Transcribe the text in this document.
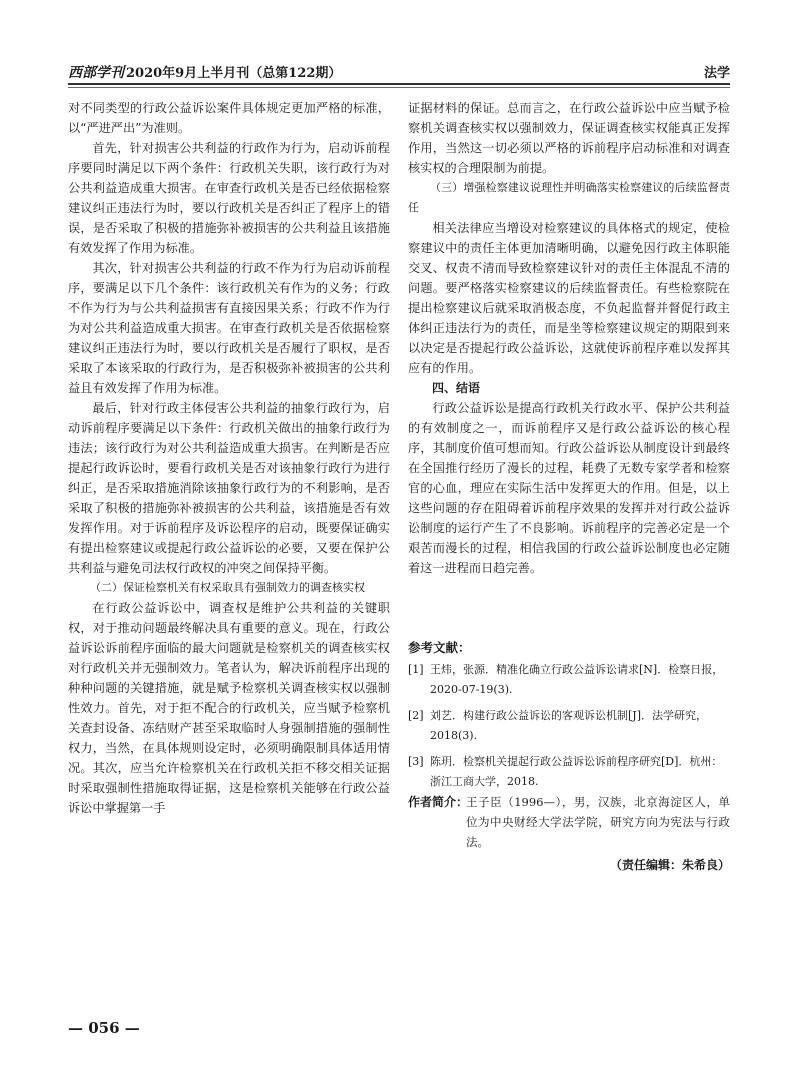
西部学刊 2020年9月上半月刊（总第122期）	法学

对不同类型的行政公益诉讼案件具体规定更加严格的标准，以“严进严出”为准则。

首先，针对损害公共利益的行政作为行为，启动诉前程序要同时满足以下两个条件：行政机关失职，该行政行为对公共利益造成重大损害。在审查行政机关是否已经依据检察建议纠正违法行为时，要以行政机关是否纠正了程序上的错误，是否采取了积极的措施弥补被损害的公共利益且该措施有效发挥了作用为标准。

其次，针对损害公共利益的行政不作为行为启动诉前程序，要满足以下几个条件：该行政机关有作为的义务；行政不作为行为与公共利益损害有直接因果关系；行政不作为行为对公共利益造成重大损害。在审查行政机关是否依据检察建议纠正违法行为时，要以行政机关是否履行了职权，是否采取了本该采取的行政行为，是否积极弥补被损害的公共利益且有效发挥了作用为标准。

最后，针对行政主体侵害公共利益的抽象行政行为，启动诉前程序要满足以下条件：行政机关做出的抽象行政行为违法；该行政行为对公共利益造成重大损害。在判断是否应提起行政诉讼时，要看行政机关是否对该抽象行政行为进行纠正，是否采取措施消除该抽象行政行为的不利影响，是否采取了积极的措施弥补被损害的公共利益，该措施是否有效发挥作用。对于诉前程序及诉讼程序的启动，既要保证确实有提出检察建议或提起行政公益诉讼的必要，又要在保护公共利益与避免司法权行政权的冲突之间保持平衡。

（二）保证检察机关有权采取具有强制效力的调查核实权

在行政公益诉讼中，调查权是维护公共利益的关键职权，对于推动问题最终解决具有重要的意义。现在，行政公益诉讼诉前程序面临的最大问题就是检察机关的调查核实权对行政机关并无强制效力。笔者认为，解决诉前程序出现的种种问题的关键措施，就是赋予检察机关调查核实权以强制性效力。首先，对于拒不配合的行政机关，应当赋予检察机关查封设备、冻结财产甚至采取临时人身强制措施的强制性权力，当然，在具体规则设定时，必须明确限制具体适用情况。其次，应当允许检察机关在行政机关拒不移交相关证据时采取强制性措施取得证据，这是检察机关能够在行政公益诉讼中掌握第一手

证据材料的保证。总而言之，在行政公益诉讼中应当赋予检察机关调查核实权以强制效力，保证调查核实权能真正发挥作用，当然这一切必须以严格的诉前程序启动标准和对调查核实权的合理限制为前提。

（三）增强检察建议说理性并明确落实检察建议的后续监督责任

相关法律应当增设对检察建议的具体格式的规定，使检察建议中的责任主体更加清晰明确，以避免因行政主体职能交叉、权责不清而导致检察建议针对的责任主体混乱不清的问题。要严格落实检察建议的后续监督责任。有些检察院在提出检察建议后就采取消极态度，不负起监督并督促行政主体纠正违法行为的责任，而是坐等检察建议规定的期限到来以决定是否提起行政公益诉讼，这就使诉前程序难以发挥其应有的作用。

四、结语

行政公益诉讼是提高行政机关行政水平、保护公共利益的有效制度之一，而诉前程序又是行政公益诉讼的核心程序，其制度价值可想而知。行政公益诉讼从制度设计到最终在全国推行经历了漫长的过程，耗费了无数专家学者和检察官的心血，理应在实际生活中发挥更大的作用。但是，以上这些问题的存在阻碍着诉前程序效果的发挥并对行政公益诉讼制度的运行产生了不良影响。诉前程序的完善必定是一个艰苦而漫长的过程，相信我国的行政公益诉讼制度也必定随着这一进程而日趋完善。

参考文献：
[1] 王炜，张源．精准化确立行政公益诉讼请求[N]．检察日报，2020-07-19(3).
[2] 刘艺．构建行政公益诉讼的客观诉讼机制[J]．法学研究，2018(3).
[3] 陈玥．检察机关提起行政公益诉讼诉前程序研究[D]．杭州：浙江工商大学，2018.
作者简介：
王子臣（1996—），男，汉族，北京海淀区人，单位为中央财经大学法学院，研究方向为宪法与行政法。
（责任编辑：朱希良）
— 056 —
